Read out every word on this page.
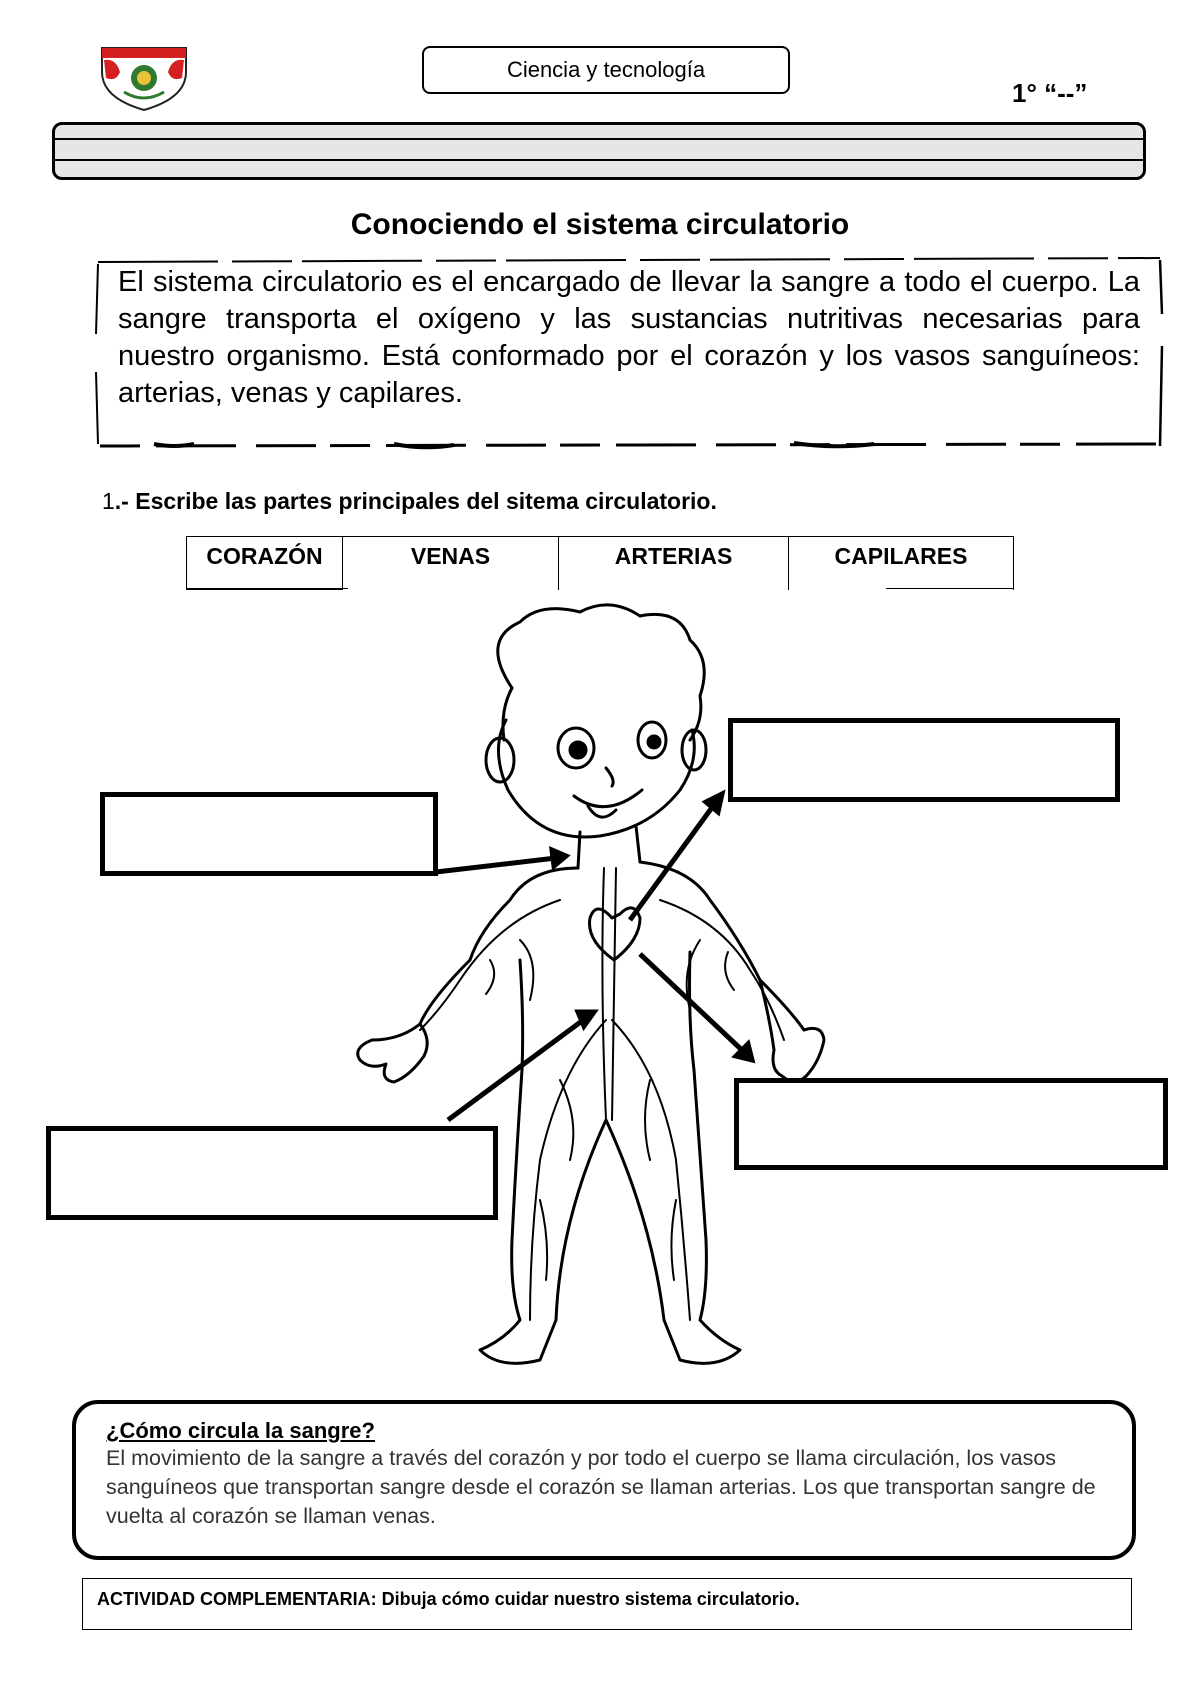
Ciencia y tecnología
1° “--”
Conociendo el sistema circulatorio
El sistema circulatorio es el encargado de llevar la sangre a todo el cuerpo. La sangre transporta el oxígeno y las sustancias nutritivas necesarias para nuestro organismo. Está conformado por el corazón y los vasos sanguíneos: arterias, venas y capilares.
1.- Escribe las partes principales del sitema circulatorio.
CORAZÓN	VENAS	ARTERIAS	CAPILARES
¿Cómo circula la sangre?
El movimiento de la sangre a través del corazón y por todo el cuerpo se llama circulación, los vasos sanguíneos que transportan sangre desde el corazón se llaman arterias. Los que transportan sangre de vuelta al corazón se llaman venas.
ACTIVIDAD COMPLEMENTARIA: Dibuja cómo cuidar nuestro sistema circulatorio.
